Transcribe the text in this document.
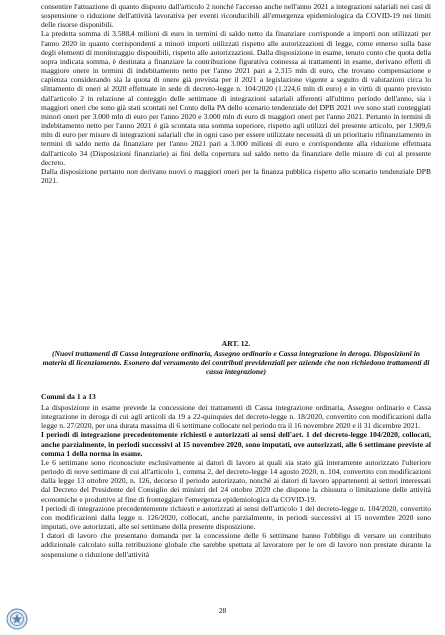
consentire l'attuazione di quanto disposto dall'articolo 2 nonché l'accesso anche nell'anno 2021 a integrazioni salariali nei casi di sospensione o riduzione dell'attività lavorativa per eventi riconducibili all'emergenza epidemiologica da COVID-19 nei limiti delle risorse disponibili.

La predetta somma di 3.588,4 milioni di euro in termini di saldo netto da finanziare corrisponde a importi non utilizzati per l'anno 2020 in quanto corrispondenti a minori importi utilizzati rispetto alle autorizzazioni di legge, come emerso sulla base degli elementi di monitoraggio disponibili, rispetto alle autorizzazioni. Dalla disposizione in esame, tenuto conto che quota della sopra indicata somma, è destinata a finanziare la contribuzione figurativa connessa ai trattamenti in esame, derivano effetti di maggiore onere in termini di indebitamento netto per l'anno 2021 pari a 2.315 mln di euro, che trovano compensazione e capienza considerando sia la quota di onere già prevista per il 2021 a legislazione vigente a seguito di valutazioni circa lo slittamento di oneri al 2020 effettuate in sede di decreto-legge n. 104/2020 (1.224,6 mln di euro) e in virtù di quanto previsto dall'articolo 2 in relazione al conteggio delle settimane di integrazioni salariali afferenti all'ultimo periodo dell'anno, sia i maggiori oneri che sono già stati scontati nel Conto della PA dello scenario tendenziale del DPB 2021 ove sono stati conteggiati minori oneri per 3.000 mln di euro per l'anno 2020 e 3.000 mln di euro di maggiori oneri per l'anno 2021. Pertanto in termini di indebitamento netto per l'anno 2021 è già scontata una somma superiore, rispetto agli utilizzi del presente articolo, per 1.909,6 mln di euro per misure di integrazioni salariali che in ogni caso per essere utilizzate necessità di un prioritario rifinanziamento in termini di saldo netto da finanziare per l'anno 2021 pari a 3.000 milioni di euro e corrispondente alla riduzione effettuata dall'articolo 34 (Disposizioni finanziarie) ai fini della copertura sul saldo netto da finanziare delle misure di cui al presente decreto.

Dalla disposizione pertanto non derivano nuovi o maggiori oneri per la finanza pubblica rispetto allo scenario tendenziale DPB 2021.

ART. 12.
(Nuovi trattamenti di Cassa integrazione ordinaria, Assegno ordinario e Cassa integrazione in deroga. Disposizioni in materia di licenziamento. Esonero dal versamento dei contributi previdenziali per aziende che non richiedono trattamenti di cassa integrazione)
Commi da 1 a 13

La disposizione in esame prevede la concessione dei trattamenti di Cassa integrazione ordinaria, Assegno ordinario e Cassa integrazione in deroga di cui agli articoli da 19 a 22-quinquies del decreto-legge n. 18/2020, convertito con modificazioni dalla legge n. 27/2020, per una durata massima di 6 settimane collocate nel periodo tra il 16 novembre 2020 e il 31 dicembre 2021.

I periodi di integrazione precedentemente richiesti e autorizzati ai sensi dell'art. 1 del decreto-legge 104/2020, collocati, anche parzialmente, in periodi successivi al 15 novembre 2020, sono imputati, ove autorizzati, alle 6 settimane previste al comma 1 della norma in esame.

Le 6 settimane sono riconosciute esclusivamente ai datori di lavoro ai quali sia stato già interamente autorizzato l'ulteriore periodo di nove settimane di cui all'articolo 1, comma 2, del decreto-legge 14 agosto 2020, n. 104, convertito con modificazioni dalla legge 13 ottobre 2020, n. 126, decorso il periodo autorizzato, nonché ai datori di lavoro appartenenti ai settori interessati dal Decreto del Presidente del Consiglio dei ministri del 24 ottobre 2020 che dispone la chiusura o limitazione delle attività economiche e produttive al fine di fronteggiare l'emergenza epidemiologica da COVID-19.

I periodi di integrazione precedentemente richiesti e autorizzati ai sensi dell'articolo 1 del decreto-legge n. 104/2020, convertito con modificazioni dalla legge n. 126/2020, collocati, anche parzialmente, in periodi successivi al 15 novembre 2020 sono imputati, ove autorizzati, alle sei settimane della presente disposizione.

I datori di lavoro che presentano domanda per la concessione delle 6 settimane hanno l'obbligo di versare un contributo addizionale calcolato sulla retribuzione globale che sarebbe spettata al lavoratore per le ore di lavoro non prestate durante la sospensione o riduzione dell'attività

28
